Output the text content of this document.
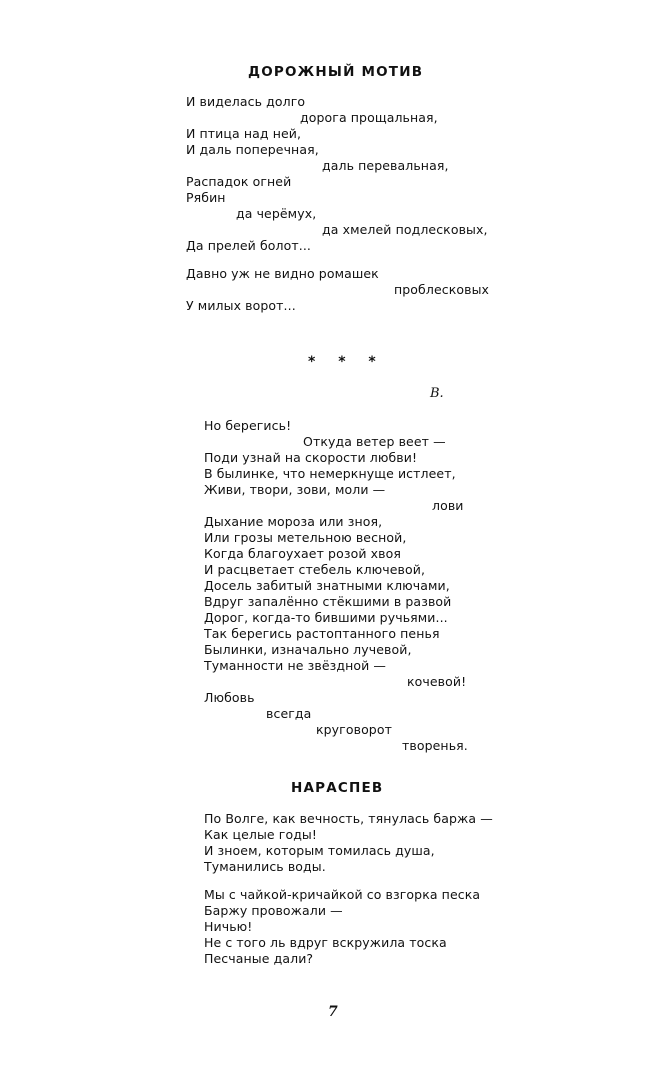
ДОРОЖНЫЙ МОТИВ
И виделась долго
дорога прощальная,
И птица над ней,
И даль поперечная,
даль перевальная,
Распадок огней
Рябин
да черёмух,
да хмелей подлесковых,
Да прелей болот...
Давно уж не видно ромашек
проблесковых
У милых ворот...
* * *
В.
Но берегись!
Откуда ветер веет —
Поди узнай на скорости любви!
В былинке, что немеркнуще истлеет,
Живи, твори, зови, моли —
лови
Дыхание мороза или зноя,
Или грозы метельною весной,
Когда благоухает розой хвоя
И расцветает стебель ключевой,
Досель забитый знатными ключами,
Вдруг запалённо стёкшими в развой
Дорог, когда-то бившими ручьями...
Так берегись растоптанного пенья
Былинки, изначально лучевой,
Туманности не звёздной —
кочевой!
Любовь
всегда
круговорот
творенья.
НАРАСПЕВ
По Волге, как вечность, тянулась баржа —
Как целые годы!
И зноем, которым томилась душа,
Туманились воды.
Мы с чайкой-кричайкой со взгорка песка
Баржу провожали —
Ничью!
Не с того ль вдруг вскружила тоска
Песчаные дали?
7
